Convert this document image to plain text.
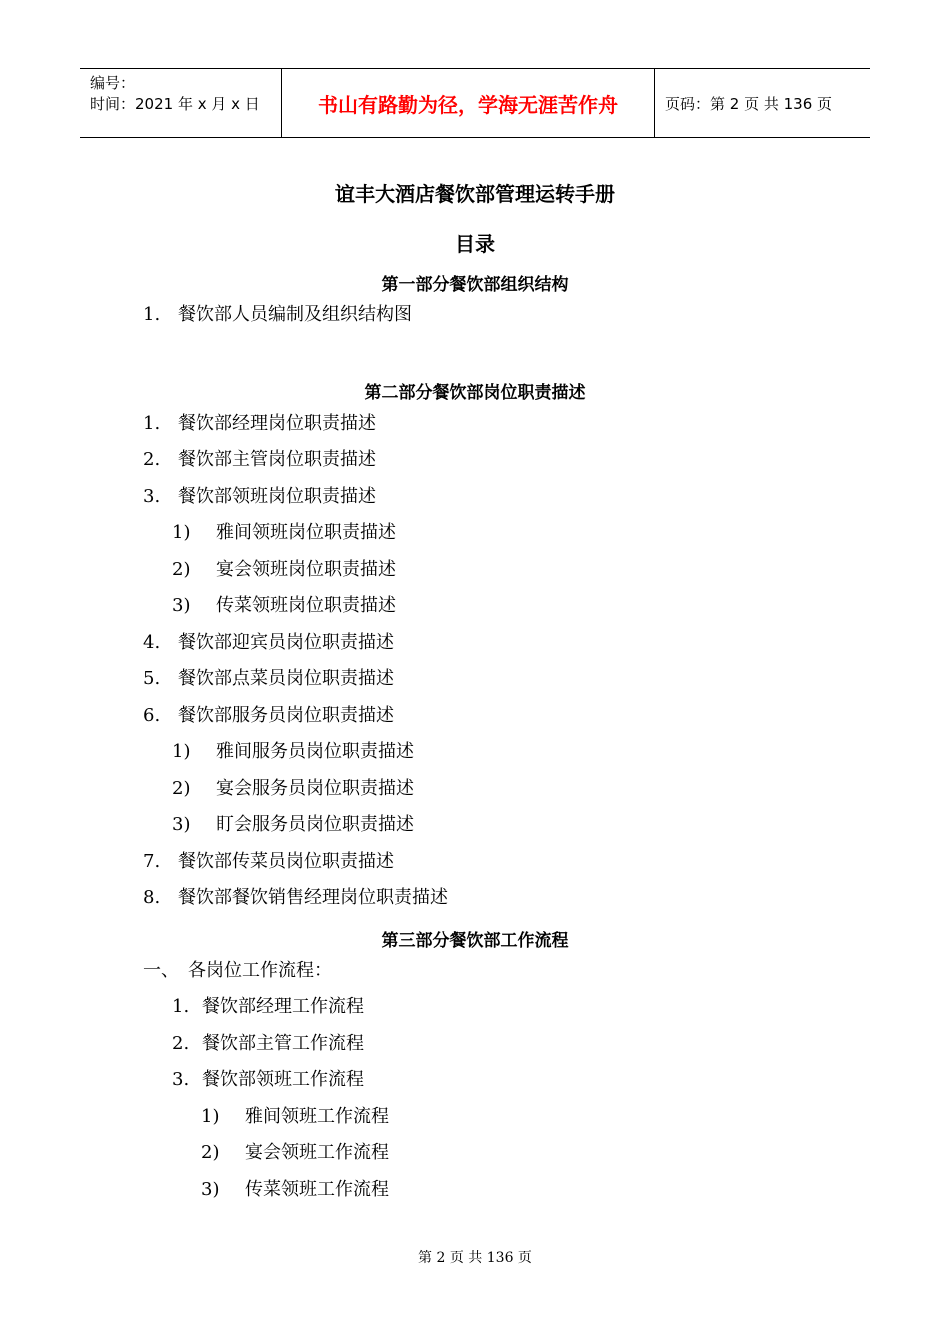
编号：
时间：2021 年 x 月 x 日	书山有路勤为径，学海无涯苦作舟	页码：第 2 页 共 136 页
谊丰大酒店餐饮部管理运转手册
目录
第一部分餐饮部组织结构
1. 餐饮部人员编制及组织结构图
第二部分餐饮部岗位职责描述
1. 餐饮部经理岗位职责描述
2. 餐饮部主管岗位职责描述
3. 餐饮部领班岗位职责描述
1) 雅间领班岗位职责描述
2) 宴会领班岗位职责描述
3) 传菜领班岗位职责描述
4. 餐饮部迎宾员岗位职责描述
5. 餐饮部点菜员岗位职责描述
6. 餐饮部服务员岗位职责描述
1) 雅间服务员岗位职责描述
2) 宴会服务员岗位职责描述
3) 盯会服务员岗位职责描述
7. 餐饮部传菜员岗位职责描述
8. 餐饮部餐饮销售经理岗位职责描述
第三部分餐饮部工作流程
一、 各岗位工作流程：
1. 餐饮部经理工作流程
2. 餐饮部主管工作流程
3. 餐饮部领班工作流程
1) 雅间领班工作流程
2) 宴会领班工作流程
3) 传菜领班工作流程
第 2 页 共 136 页
